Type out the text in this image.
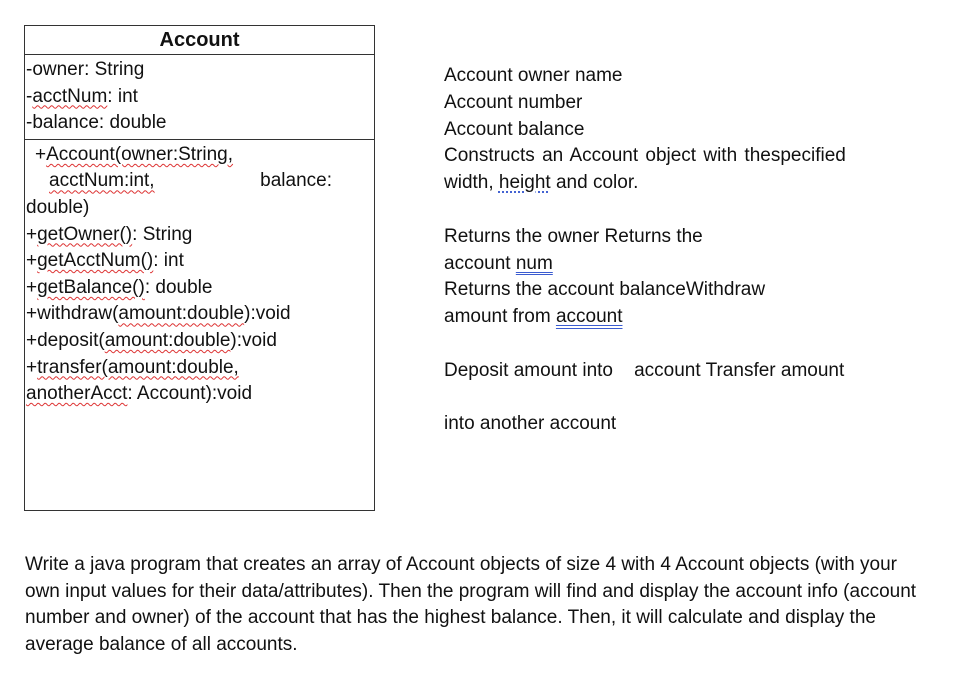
Account
-owner: String
-acctNum: int
-balance: double
+Account(owner:String,
acctNum:int,	balance:
double)
+getOwner(): String
+getAcctNum(): int
+getBalance(): double
+withdraw(amount:double):void
+deposit(amount:double):void
+transfer(amount:double,
anotherAcct: Account):void
Account owner name
Account number
Account balance
Constructs an Account object with thespecified
width, height and color.
Returns the owner Returns the
account num
Returns the account balanceWithdraw
amount from account
Deposit amount into    account Transfer amount
into another account
Write a java program that creates an array of Account objects of size 4 with 4 Account objects (with your own input values for their data/attributes). Then the program will find and display the account info (account number and owner) of the account that has the highest balance. Then, it will calculate and display the average balance of all accounts.
